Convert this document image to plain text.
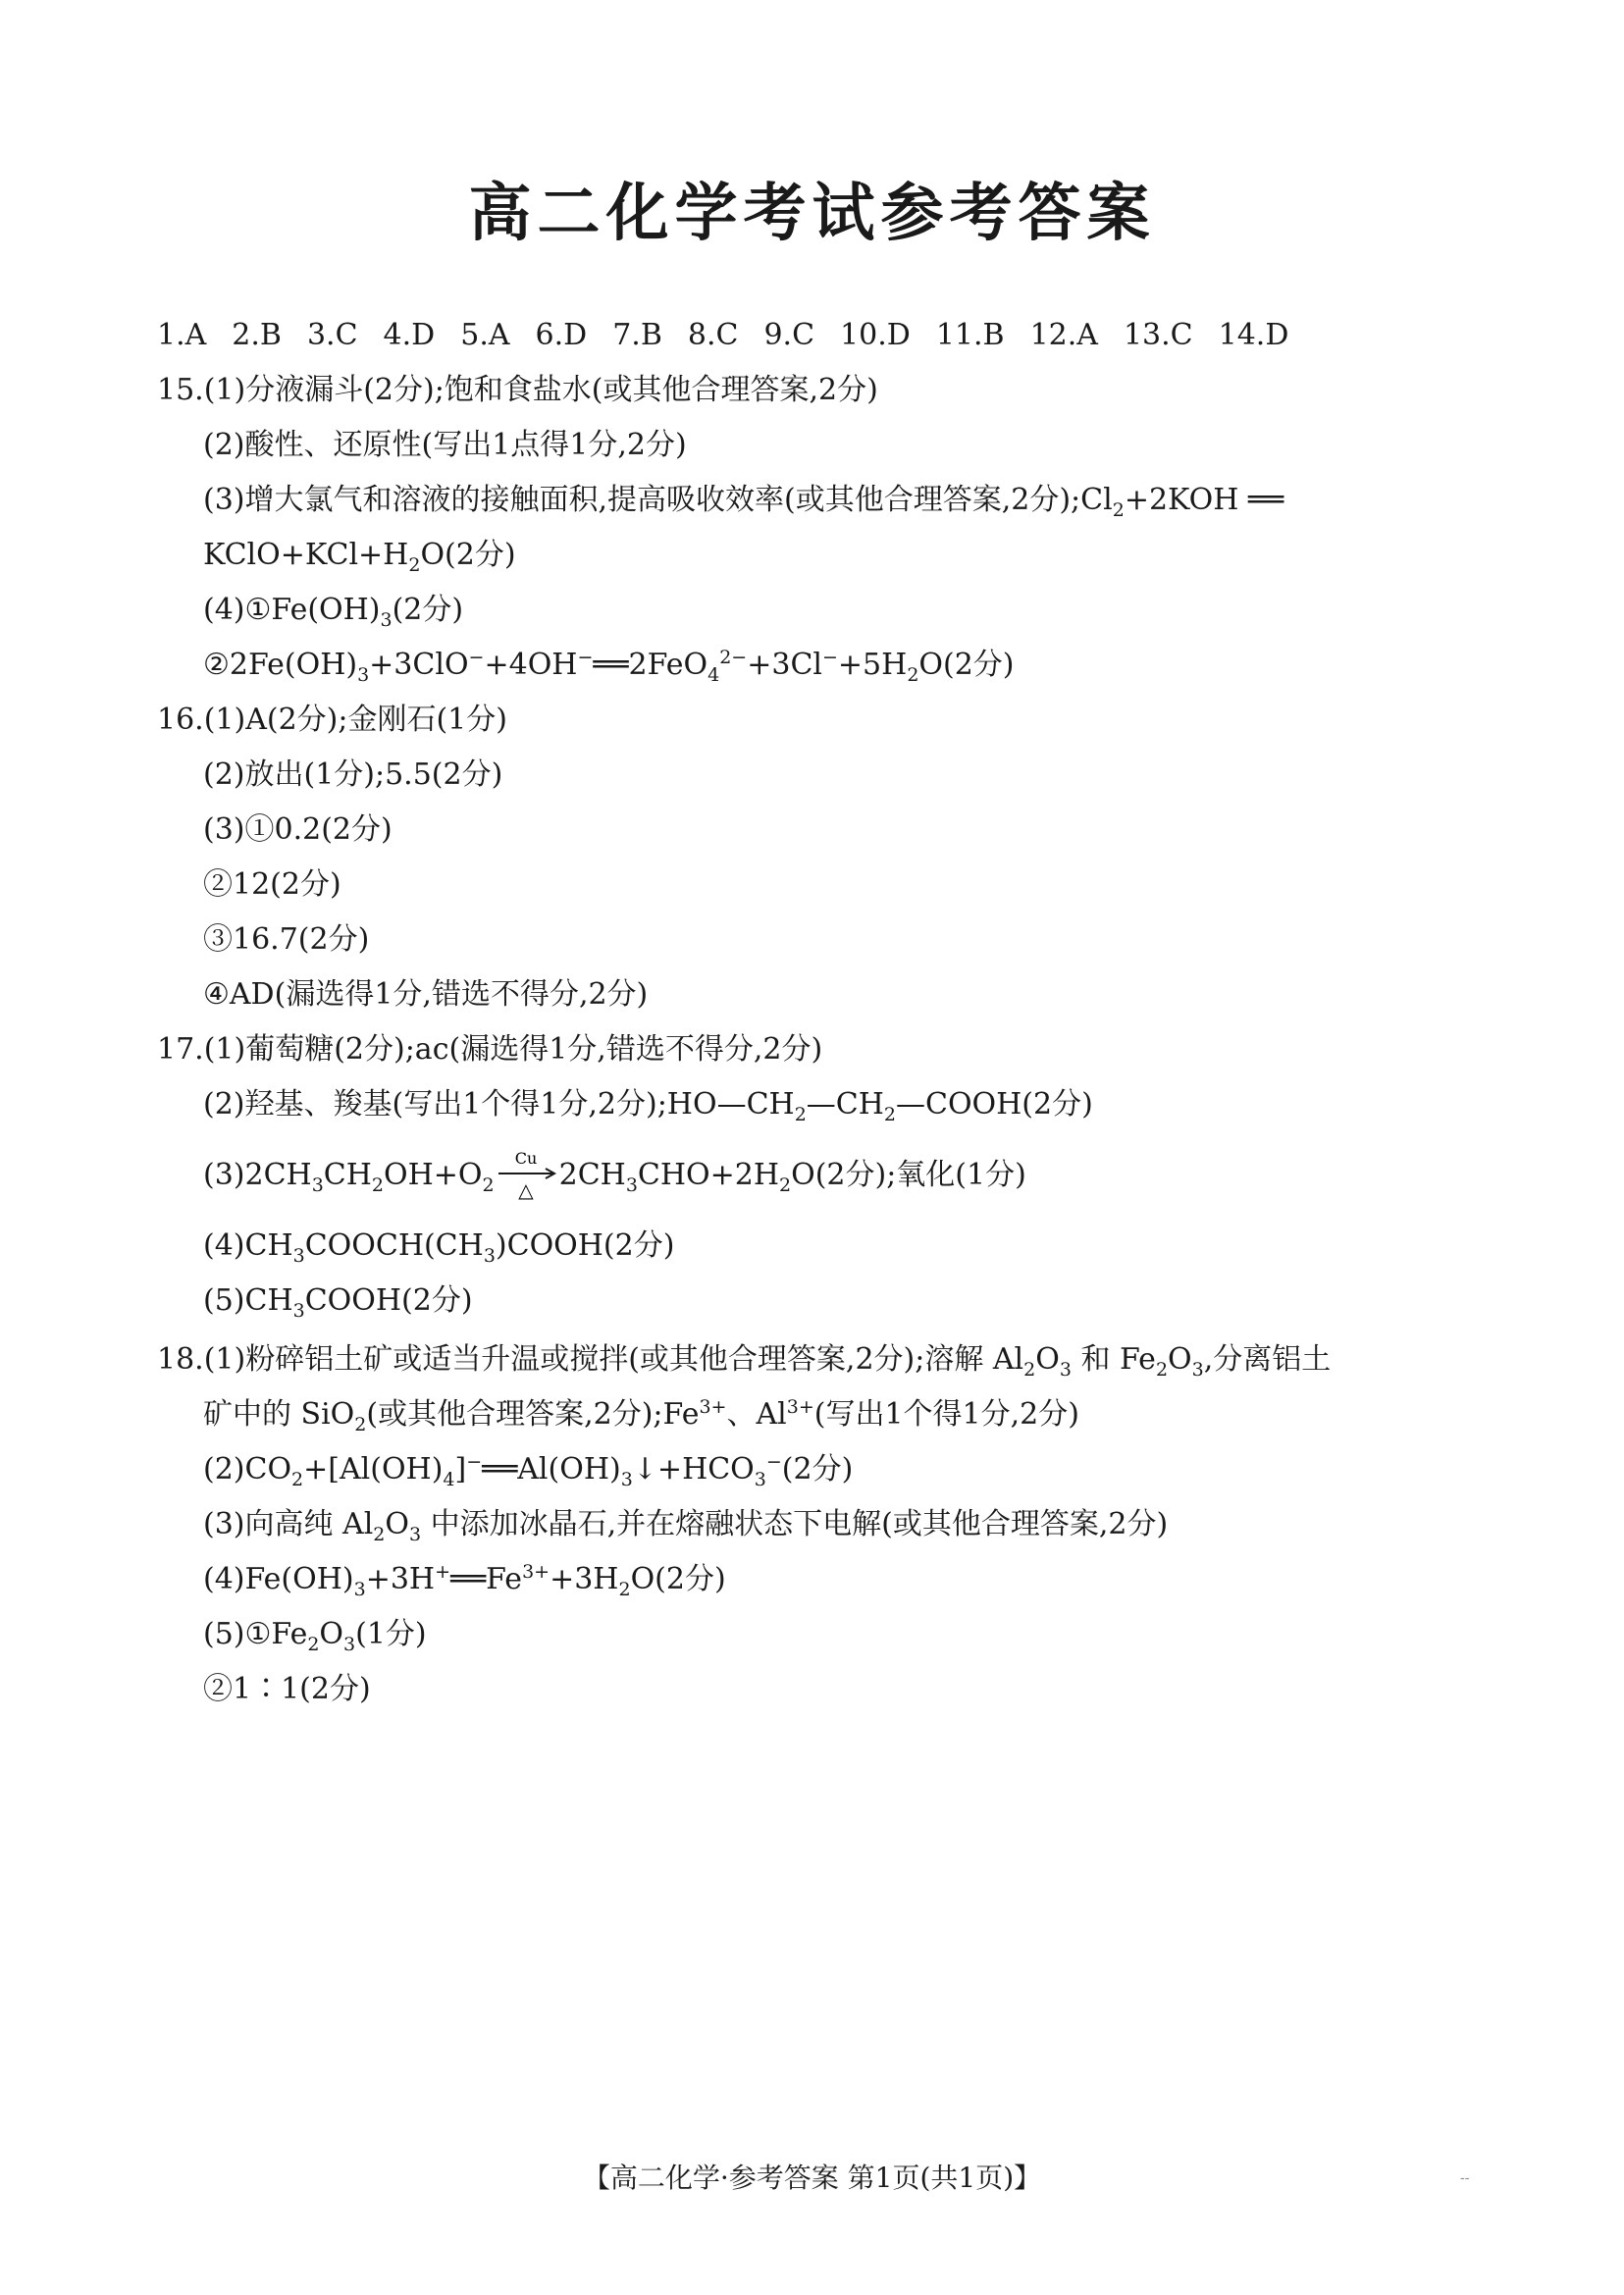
高二化学考试参考答案
1.A 2.B 3.C 4.D 5.A 6.D 7.B 8.C 9.C 10.D 11.B 12.A 13.C 14.D
15.(1)分液漏斗(2分);饱和食盐水(或其他合理答案,2分)
(2)酸性、还原性(写出1点得1分,2分)
(3)增大氯气和溶液的接触面积,提高吸收效率(或其他合理答案,2分)$;Cl_2+2KOH$ ══
$KClO+KCl+H_2O(2$分)
$(4)①Fe(OH)_3(2$分)
$②2Fe(OH)_3+3ClO^-+4OH^-══2FeO_4^{2-}+3Cl^-+5H_2O(2$分)
16.(1)A(2分);金刚石(1分)
(2)放出(1分);5.5(2分)
(3)①0.2(2分)
②12(2分)
③16.7(2分)
④AD(漏选得1分,错选不得分,2分)
17.(1)葡萄糖(2分);ac(漏选得1分,错选不得分,2分)
(2)羟基、羧基(写出1个得1分,2分)$;HO—CH_2—CH_2—COOH(2$分)
$(3)2CH_3CH_2OH+O_2$
Cu
△ $2CH_3CHO+2H_2O(2$分);氧化(1分)
$(4)CH_3COOCH(CH_3)COOH(2$分)
$(5)CH_3COOH(2$分)
18.(1)粉碎铝土矿或适当升温或搅拌(或其他合理答案,2分);溶解 $Al_2O_3$ 和 $Fe_2O_3$,分离铝土
矿中的 SiO$_2$(或其他合理答案,2分)$;Fe^{3+}$、$Al^{3+}$(写出1个得1分,2分)
$(2)CO_2+[Al(OH)_4]^-══Al(OH)_3↓+HCO_3^-(2$分)
(3)向高纯 $Al_2O_3$ 中添加冰晶石,并在熔融状态下电解(或其他合理答案,2分)
$(4)Fe(OH)_3+3H^+══Fe^{3+}+3H_2O(2$分)
$(5)①Fe_2O_3(1$分)
②1∶1(2分)
【高二化学·参考答案 第1页(共1页)】	--
